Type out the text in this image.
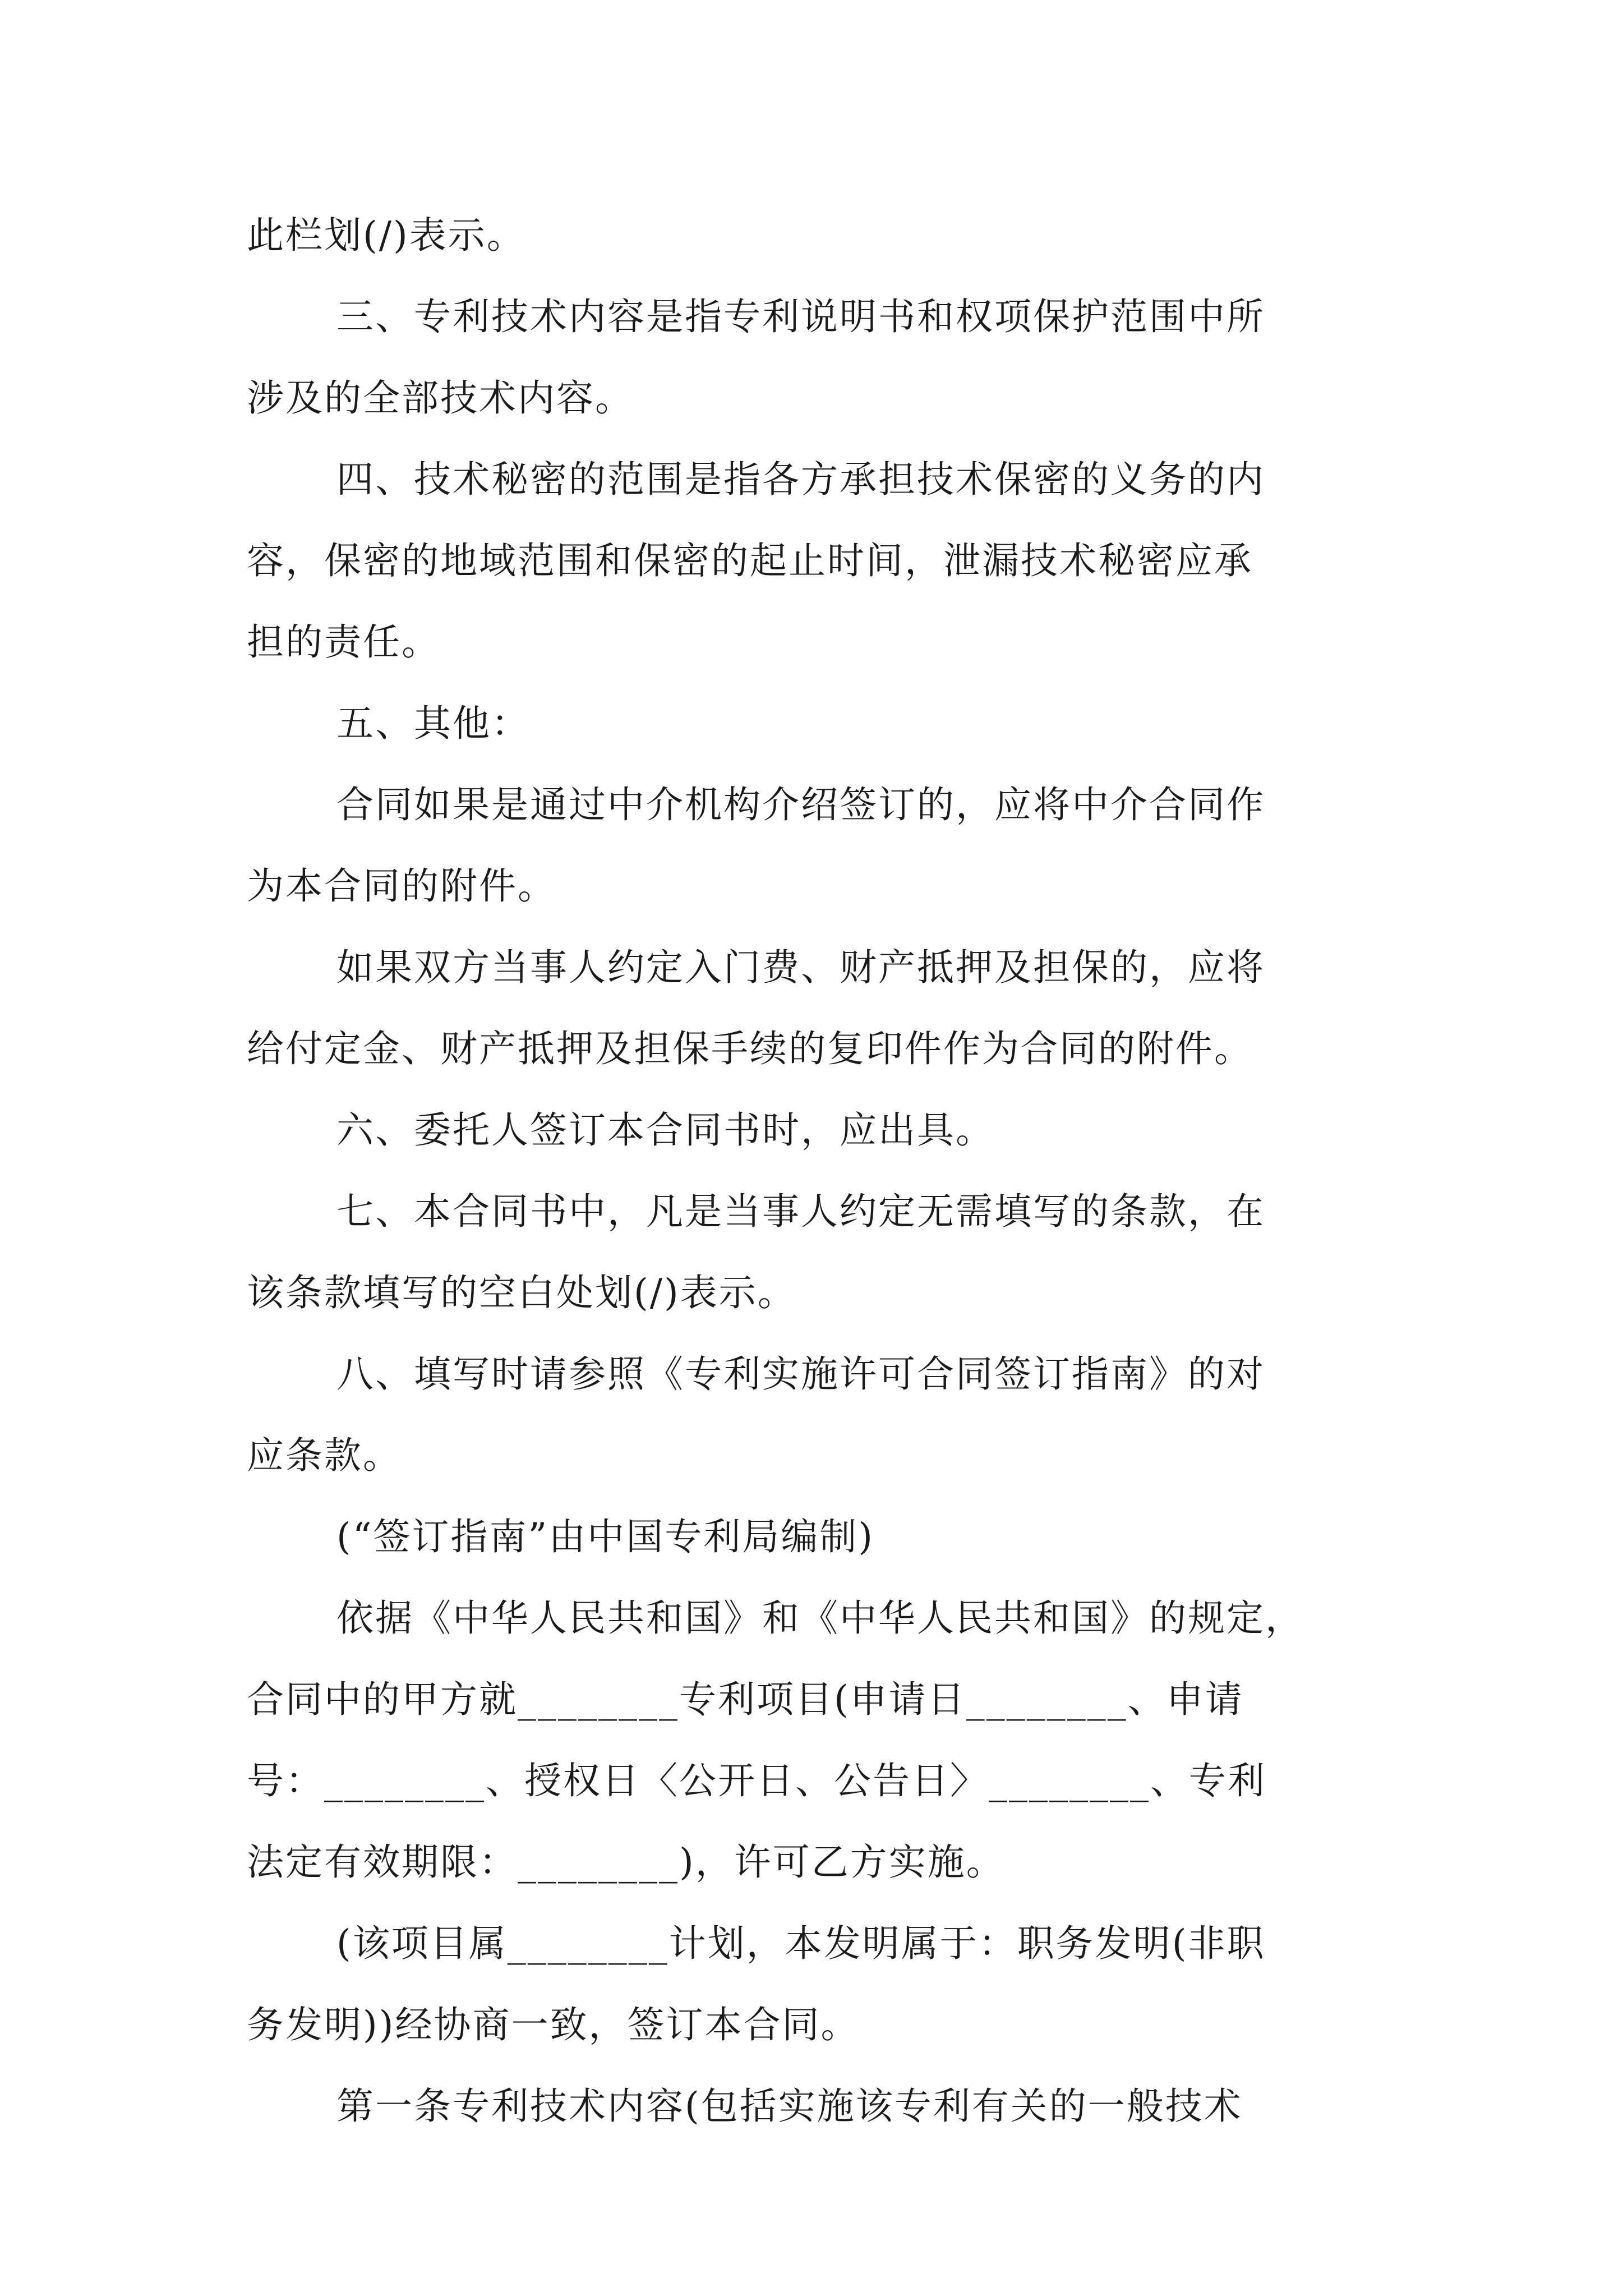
此栏划(/)表示。
三、专利技术内容是指专利说明书和权项保护范围中所
涉及的全部技术内容。
四、技术秘密的范围是指各方承担技术保密的义务的内
容，保密的地域范围和保密的起止时间，泄漏技术秘密应承
担的责任。
五、其他：
合同如果是通过中介机构介绍签订的，应将中介合同作
为本合同的附件。
如果双方当事人约定入门费、财产抵押及担保的，应将
给付定金、财产抵押及担保手续的复印件作为合同的附件。
六、委托人签订本合同书时，应出具。
七、本合同书中，凡是当事人约定无需填写的条款，在
该条款填写的空白处划(/)表示。
八、填写时请参照《专利实施许可合同签订指南》的对
应条款。
(“签订指南”由中国专利局编制)
依据《中华人民共和国》和《中华人民共和国》的规定，
合同中的甲方就________专利项目(申请日________、申请
号：________、授权日〈公开日、公告日〉________、专利
法定有效期限：________)，许可乙方实施。
(该项目属________计划，本发明属于：职务发明(非职
务发明))经协商一致，签订本合同。
第一条专利技术内容(包括实施该专利有关的一般技术
